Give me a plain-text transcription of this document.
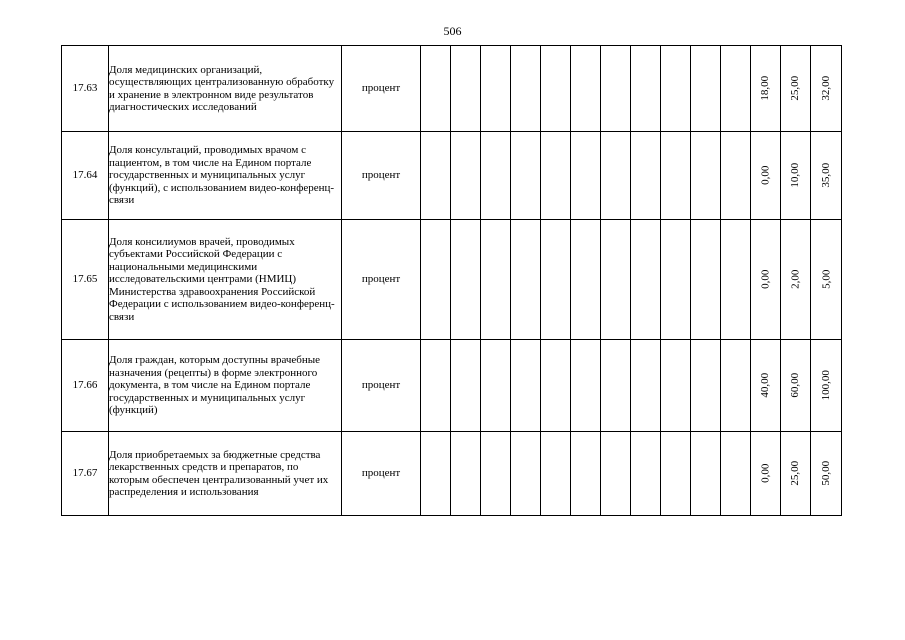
506
17.63	Доля медицинских организаций, осуществляющих централизованную обработку и хранение в электронном виде результатов диагностических исследований	процент												18,00	25,00	32,00
17.64	Доля консультаций, проводимых врачом с пациентом, в том числе на Едином портале государственных и муниципальных услуг (функций), с использованием видео-конференц-связи	процент												0,00	10,00	35,00
17.65	Доля консилиумов врачей, проводимых субъектами Российской Федерации с национальными медицинскими исследовательскими центрами (НМИЦ) Министерства здравоохранения Российской Федерации с использованием видео-конференц-связи	процент												0,00	2,00	5,00
17.66	Доля граждан, которым доступны врачебные назначения (рецепты) в форме электронного документа, в том числе на Едином портале государственных и муниципальных услуг (функций)	процент												40,00	60,00	100,00
17.67	Доля приобретаемых за бюджетные средства лекарственных средств и препаратов, по которым обеспечен централизованный учет их распределения и использования	процент												0,00	25,00	50,00
